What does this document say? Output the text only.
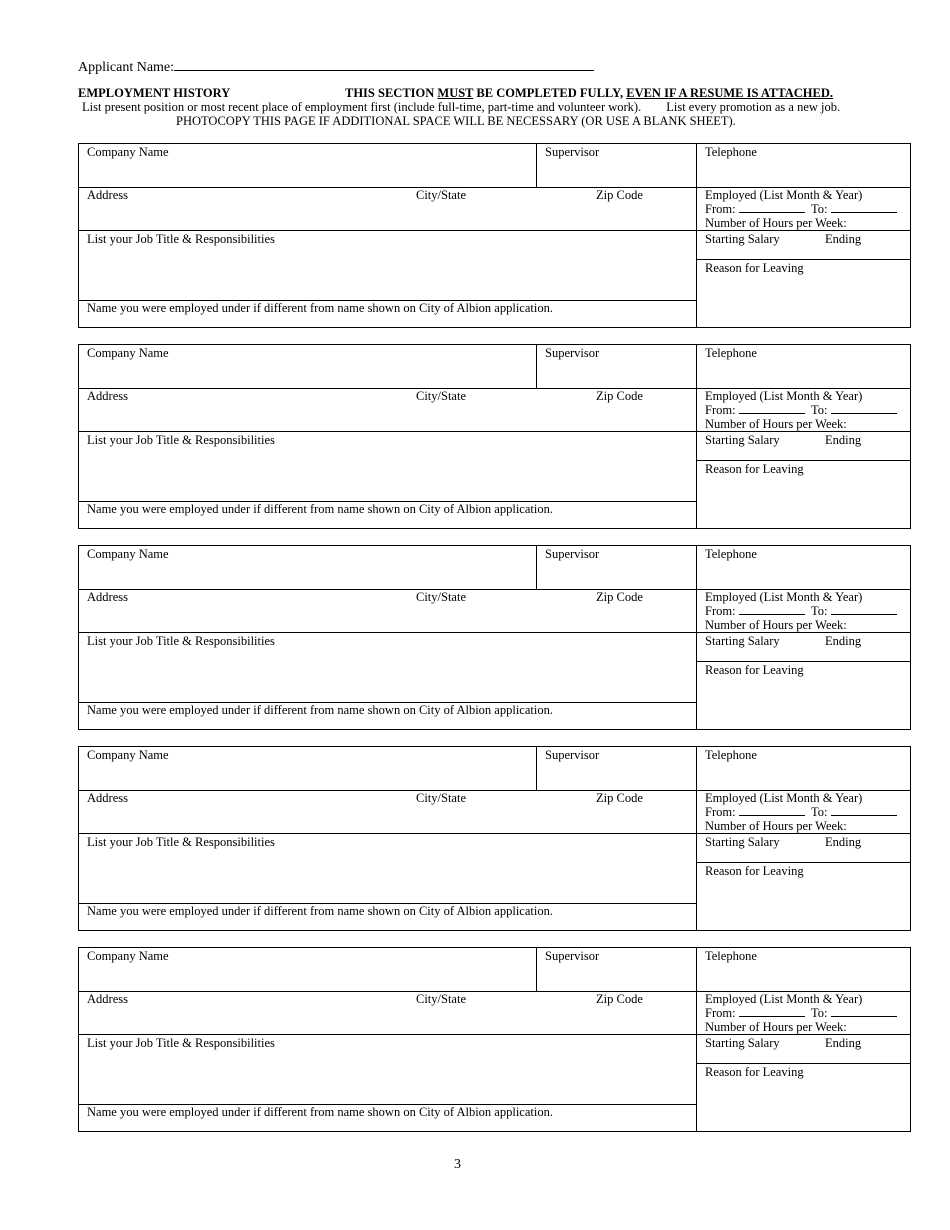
Applicant Name:
EMPLOYMENT HISTORY	THIS SECTION MUST BE COMPLETED FULLY, EVEN IF A RESUME IS ATTACHED.
List present position or most recent place of employment first (include full-time, part-time and volunteer work). List every promotion as a new job.
PHOTOCOPY THIS PAGE IF ADDITIONAL SPACE WILL BE NECESSARY (OR USE A BLANK SHEET).
Company Name	Supervisor	Telephone
Address	City/State	Zip Code	Employed (List Month & Year)
From:	To:
Number of Hours per Week:
List your Job Title & Responsibilities	Starting Salary	Ending
Reason for Leaving
Name you were employed under if different from name shown on City of Albion application.
Company Name	Supervisor	Telephone
Address	City/State	Zip Code	Employed (List Month & Year)
From:	To:
Number of Hours per Week:
List your Job Title & Responsibilities	Starting Salary	Ending
Reason for Leaving
Name you were employed under if different from name shown on City of Albion application.
Company Name	Supervisor	Telephone
Address	City/State	Zip Code	Employed (List Month & Year)
From:	To:
Number of Hours per Week:
List your Job Title & Responsibilities	Starting Salary	Ending
Reason for Leaving
Name you were employed under if different from name shown on City of Albion application.
Company Name	Supervisor	Telephone
Address	City/State	Zip Code	Employed (List Month & Year)
From:	To:
Number of Hours per Week:
List your Job Title & Responsibilities	Starting Salary	Ending
Reason for Leaving
Name you were employed under if different from name shown on City of Albion application.
Company Name	Supervisor	Telephone
Address	City/State	Zip Code	Employed (List Month & Year)
From:	To:
Number of Hours per Week:
List your Job Title & Responsibilities	Starting Salary	Ending
Reason for Leaving
Name you were employed under if different from name shown on City of Albion application.
3
